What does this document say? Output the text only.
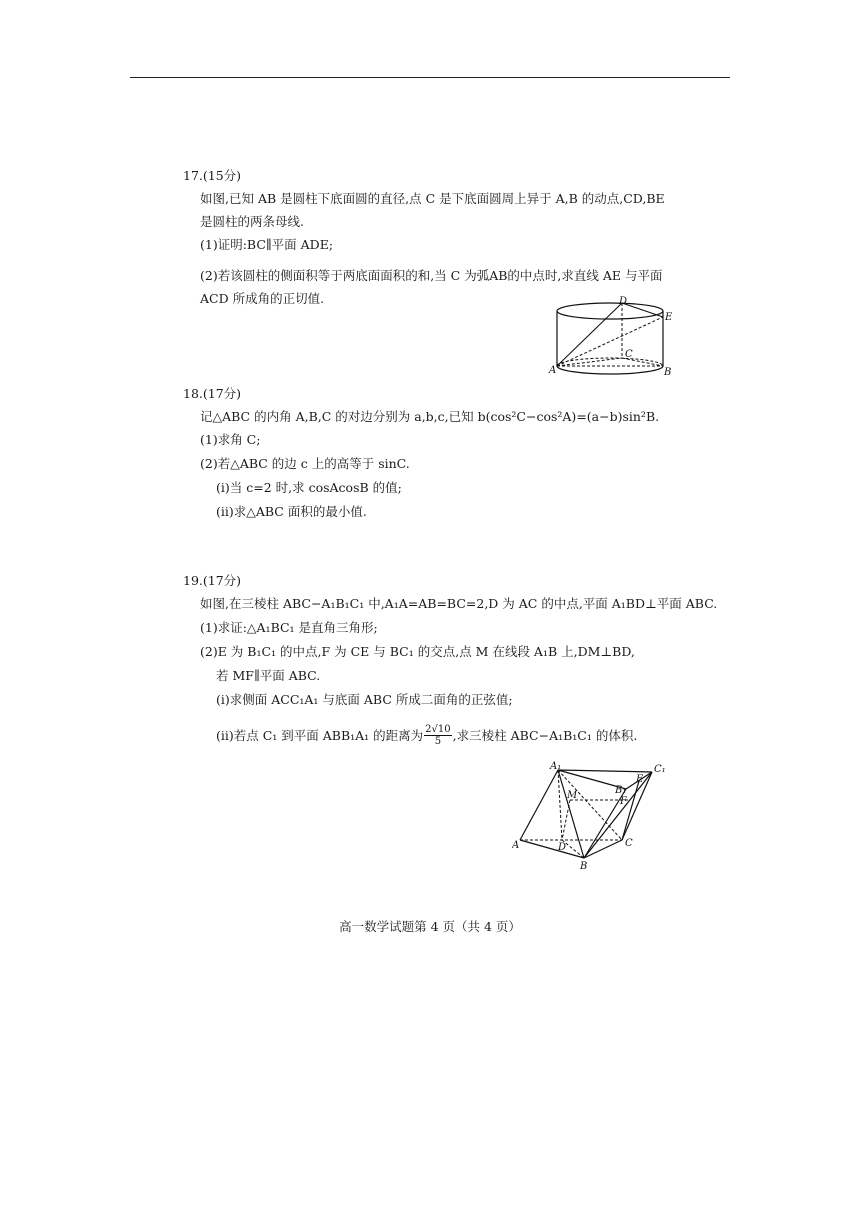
17.(15分)
如图,已知 AB 是圆柱下底面圆的直径,点 C 是下底面圆周上异于 A,B 的动点,CD,BE
是圆柱的两条母线.
(1)证明:BC∥平面 ADE;
(2)若该圆柱的侧面积等于两底面面积的和,当 C 为弧AB的中点时,求直线 AE 与平面
ACD 所成角的正切值.	D
E
C
A	B
18.(17分)
记△ABC 的内角 A,B,C 的对边分别为 a,b,c,已知 b(cos²C−cos²A)=(a−b)sin²B.
(1)求角 C;
(2)若△ABC 的边 c 上的高等于 sinC.
(i)当 c=2 时,求 cosAcosB 的值;
(ii)求△ABC 面积的最小值.
19.(17分)
如图,在三棱柱 ABC−A₁B₁C₁ 中,A₁A=AB=BC=2,D 为 AC 的中点,平面 A₁BD⊥平面 ABC.
(1)求证:△A₁BC₁ 是直角三角形;
(2)E 为 B₁C₁ 的中点,F 为 CE 与 BC₁ 的交点,点 M 在线段 A₁B 上,DM⊥BD,
若 MF∥平面 ABC.
(i)求侧面 ACC₁A₁ 与底面 ABC 所成二面角的正弦值;
(ii)若点 C₁ 到平面 ABB₁A₁ 的距离为 $\frac{2√10}{5}$ ,求三棱柱 ABC−A₁B₁C₁ 的体积.
A₁	C₁
E
B₁
F
M
A	D	C
B
高一数学试题第 4 页（共 4 页）
